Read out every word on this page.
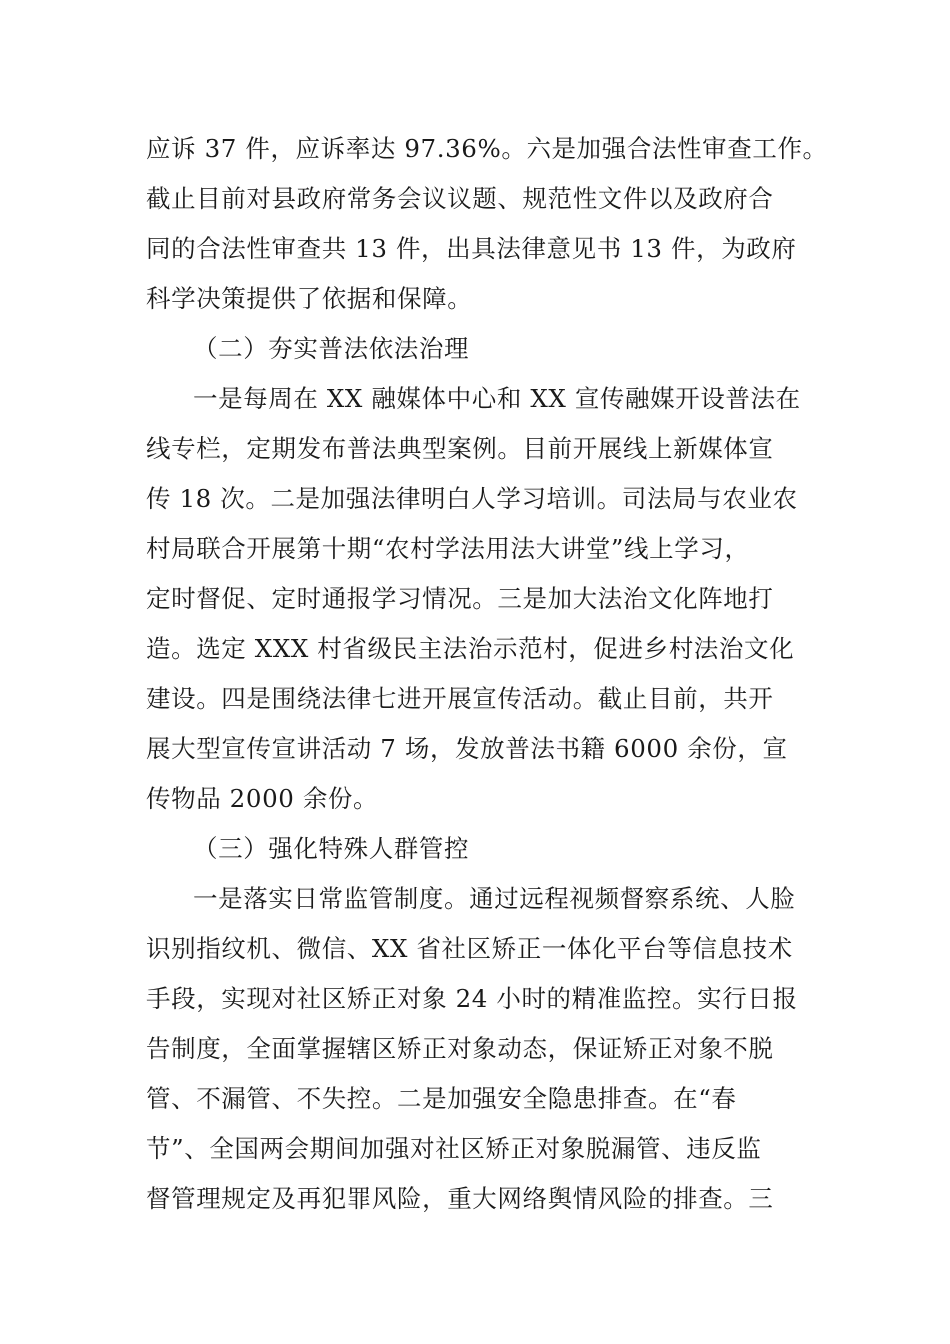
应诉 37 件，应诉率达 97.36%。六是加强合法性审查工作。
截止目前对县政府常务会议议题、规范性文件以及政府合
同的合法性审查共 13 件，出具法律意见书 13 件，为政府
科学决策提供了依据和保障。
（二）夯实普法依法治理
一是每周在 XX 融媒体中心和 XX 宣传融媒开设普法在
线专栏，定期发布普法典型案例。目前开展线上新媒体宣
传 18 次。二是加强法律明白人学习培训。司法局与农业农
村局联合开展第十期“农村学法用法大讲堂”线上学习，
定时督促、定时通报学习情况。三是加大法治文化阵地打
造。选定 XXX 村省级民主法治示范村，促进乡村法治文化
建设。四是围绕法律七进开展宣传活动。截止目前，共开
展大型宣传宣讲活动 7 场，发放普法书籍 6000 余份，宣
传物品 2000 余份。
（三）强化特殊人群管控
一是落实日常监管制度。通过远程视频督察系统、人脸
识别指纹机、微信、XX 省社区矫正一体化平台等信息技术
手段，实现对社区矫正对象 24 小时的精准监控。实行日报
告制度，全面掌握辖区矫正对象动态，保证矫正对象不脱
管、不漏管、不失控。二是加强安全隐患排查。在“春
节”、全国两会期间加强对社区矫正对象脱漏管、违反监
督管理规定及再犯罪风险，重大网络舆情风险的排查。三
